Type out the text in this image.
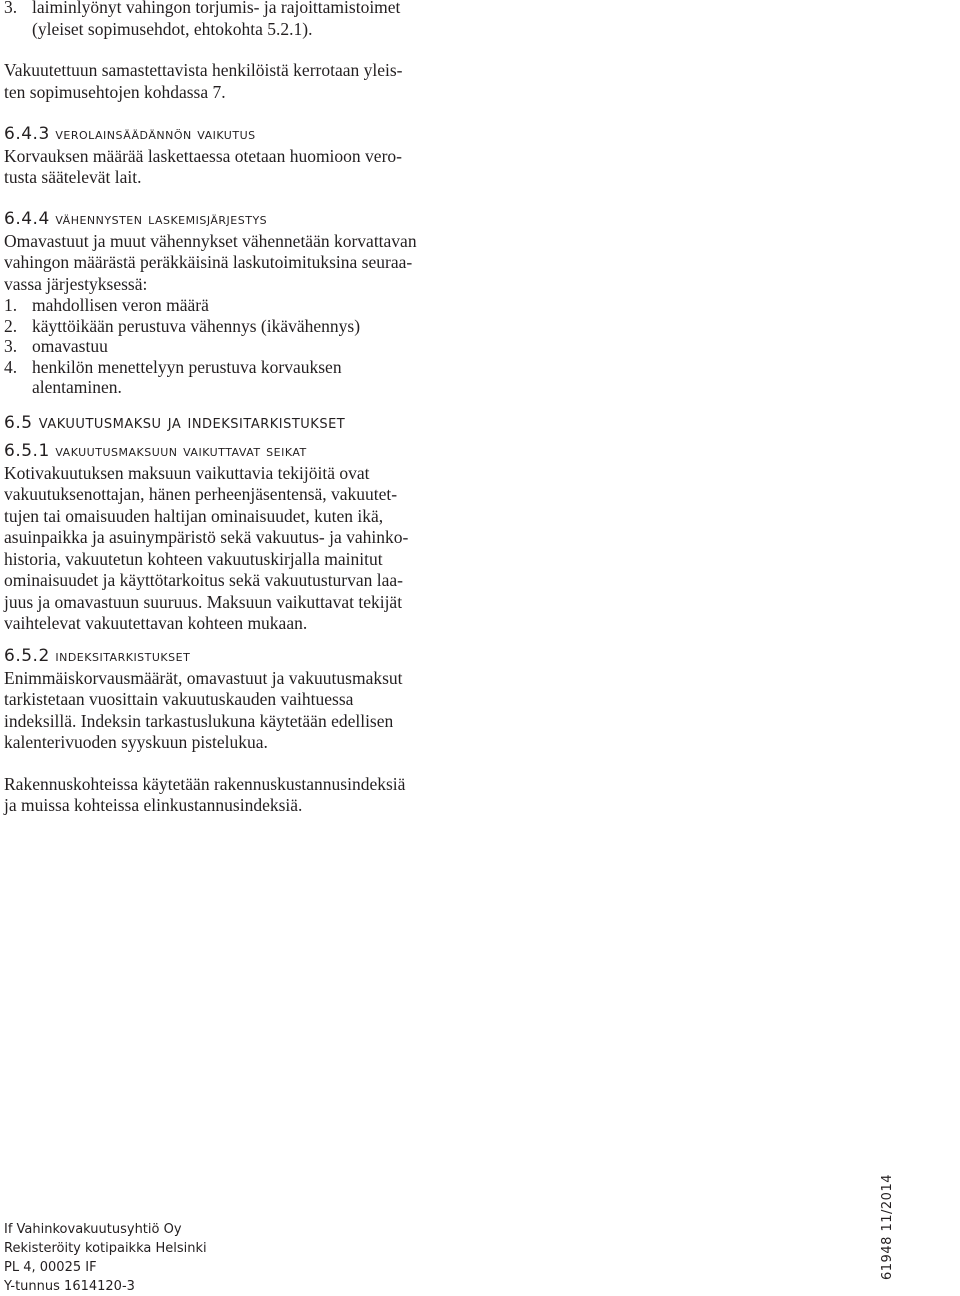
3. laiminlyönyt vahingon torjumis- ja rajoittamistoimet
(yleiset sopimusehdot, ehtokohta 5.2.1).
Vakuutettuun samastettavista henkilöistä kerrotaan yleis-
ten sopimusehtojen kohdassa 7.
6.4.3 verolainsäädännön vaikutus
Korvauksen määrää laskettaessa otetaan huomioon vero-
tusta säätelevät lait.
6.4.4 vähennysten laskemisjärjestys
Omavastuut ja muut vähennykset vähennetään korvattavan
vahingon määrästä peräkkäisinä laskutoimituksina seuraa-
vassa järjestyksessä:
1. mahdollisen veron määrä
2. käyttöikään perustuva vähennys (ikävähennys)
3. omavastuu
4. henkilön menettelyyn perustuva korvauksen
alentaminen.
6.5 vakuutusmaksu ja indeksitarkistukset
6.5.1 vakuutusmaksuun vaikuttavat seikat
Kotivakuutuksen maksuun vaikuttavia tekijöitä ovat
vakuutuksenottajan, hänen perheenjäsentensä, vakuutet-
tujen tai omaisuuden haltijan ominaisuudet, kuten ikä,
asuinpaikka ja asuinympäristö sekä vakuutus- ja vahinko-
historia, vakuutetun kohteen vakuutuskirjalla mainitut
ominaisuudet ja käyttötarkoitus sekä vakuutusturvan laa-
juus ja omavastuun suuruus. Maksuun vaikuttavat tekijät
vaihtelevat vakuutettavan kohteen mukaan.
6.5.2 indeksitarkistukset
Enimmäiskorvausmäärät, omavastuut ja vakuutusmaksut
tarkistetaan vuosittain vakuutuskauden vaihtuessa
indeksillä. Indeksin tarkastuslukuna käytetään edellisen
kalenterivuoden syyskuun pistelukua.
Rakennuskohteissa käytetään rakennuskustannusindeksiä
ja muissa kohteissa elinkustannusindeksiä.
If Vahinkovakuutusyhtiö Oy
Rekisteröity kotipaikka Helsinki
PL 4, 00025 IF
Y-tunnus 1614120-3
61948 11/2014
